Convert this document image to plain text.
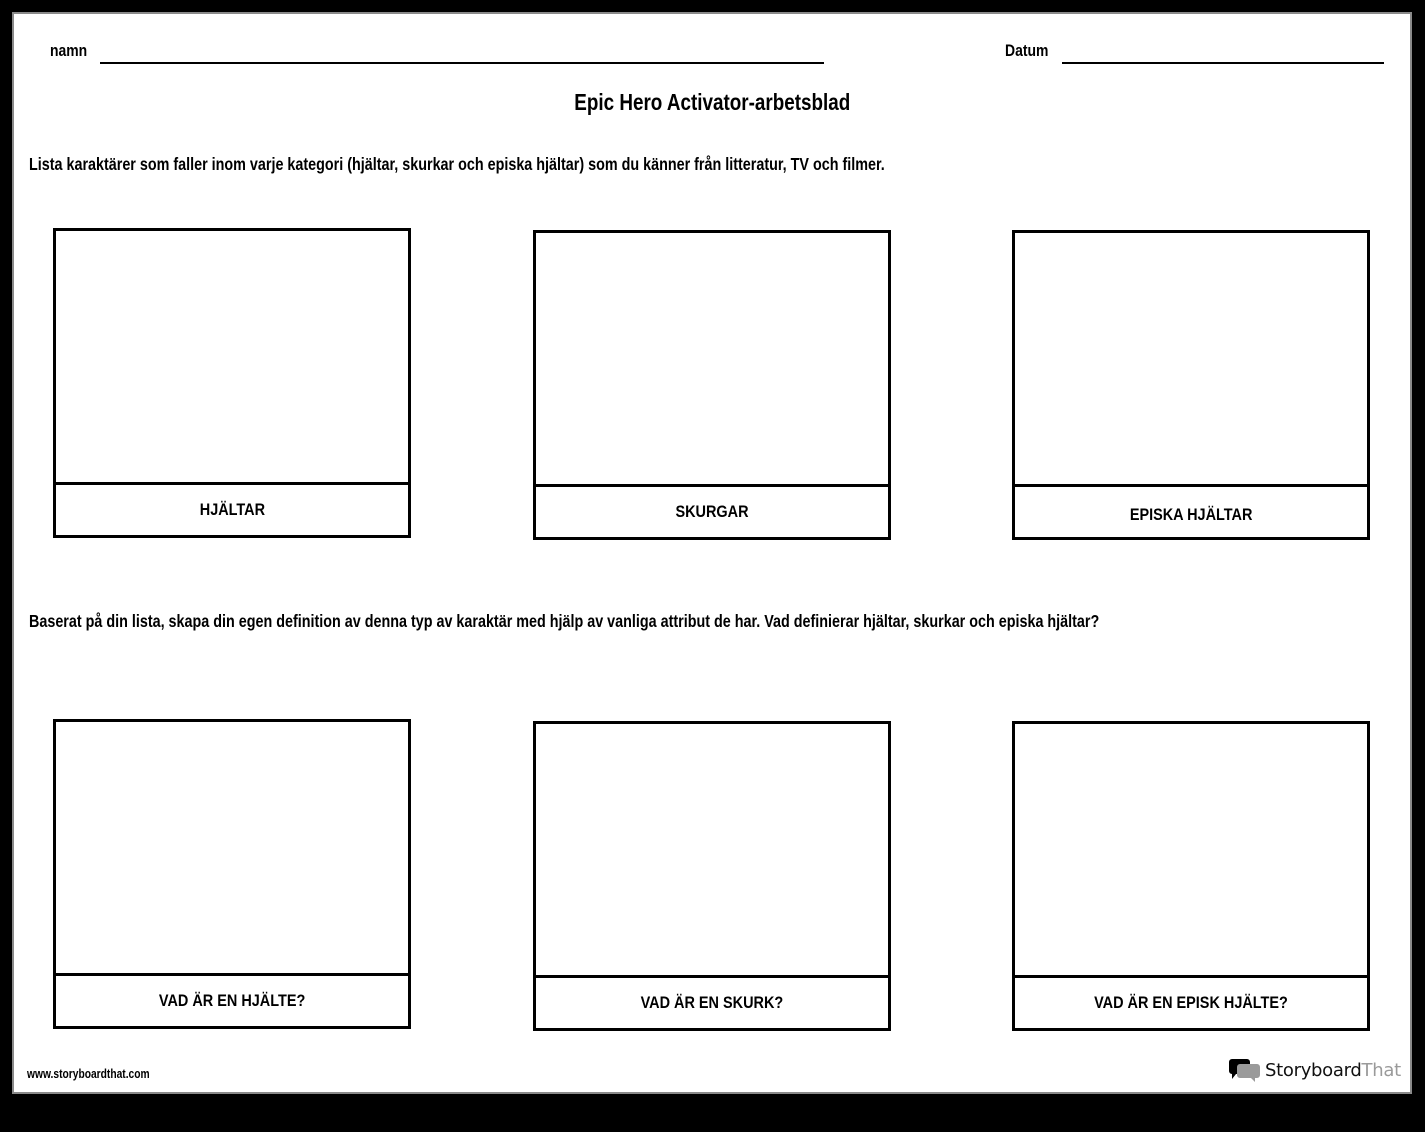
namn	Datum
Epic Hero Activator-arbetsblad
Lista karaktärer som faller inom varje kategori (hjältar, skurkar och episka hjältar) som du känner från litteratur, TV och filmer.
HJÄLTAR	SKURGAR	EPISKA HJÄLTAR
Baserat på din lista, skapa din egen definition av denna typ av karaktär med hjälp av vanliga attribut de har. Vad definierar hjältar, skurkar och episka hjältar?
VAD ÄR EN HJÄLTE?	VAD ÄR EN SKURK?	VAD ÄR EN EPISK HJÄLTE?
www.storyboardthat.com	StoryboardThat
